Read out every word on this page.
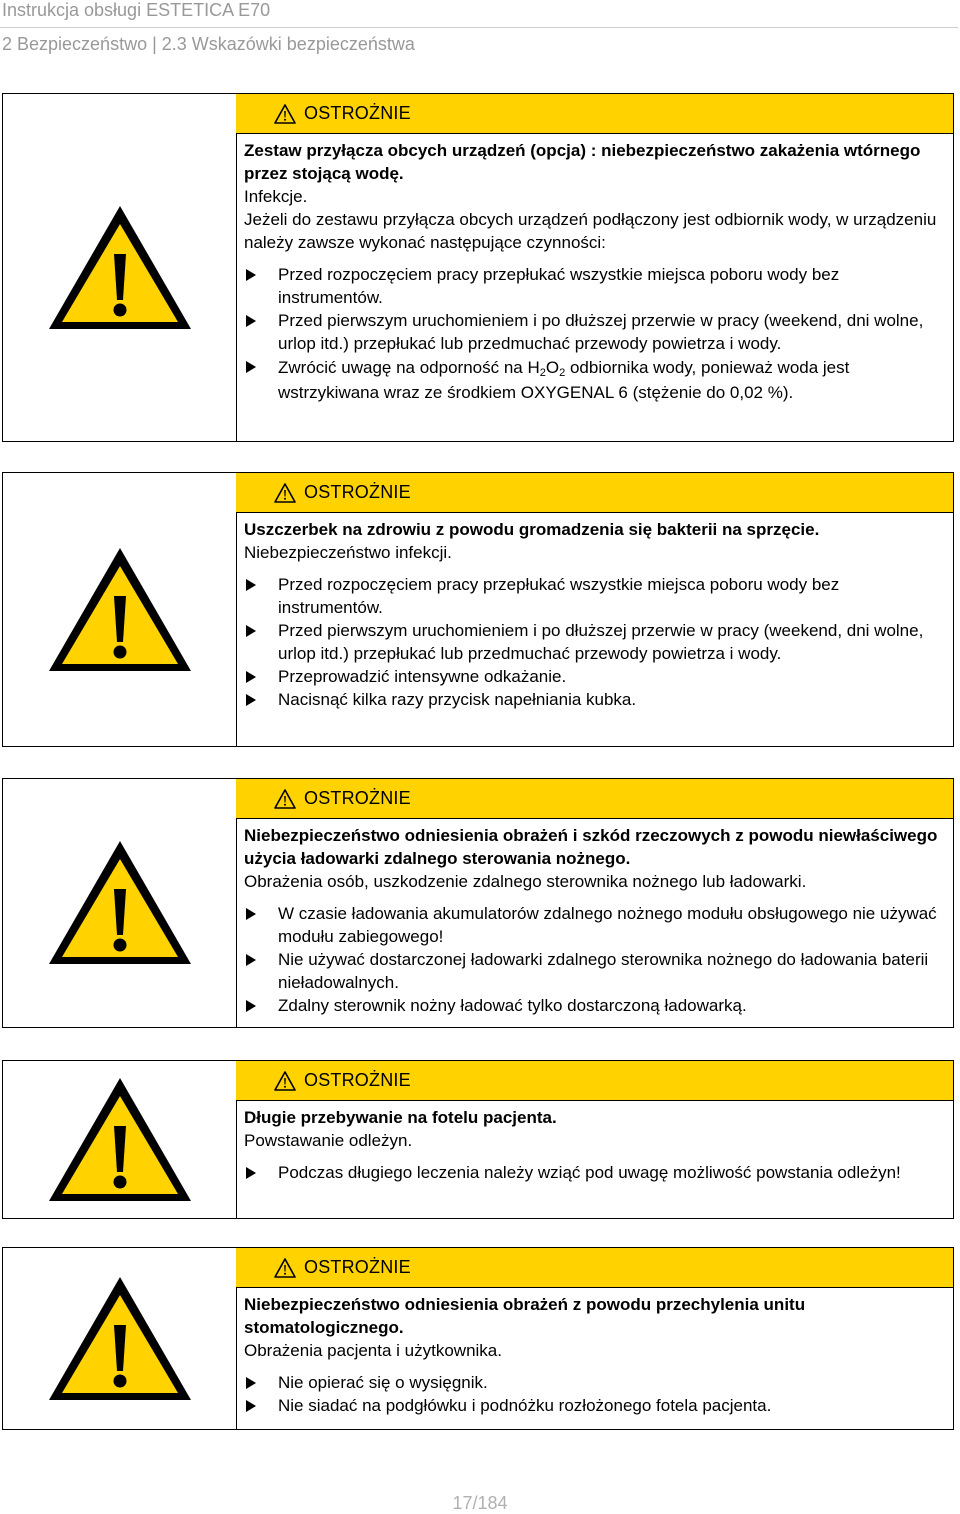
Instrukcja obsługi ESTETICA E70
2 Bezpieczeństwo | 2.3 Wskazówki bezpieczeństwa
OSTROŻNIE

Zestaw przyłącza obcych urządzeń (opcja) : niebezpieczeństwo zakażenia wtórnego przez stojącą wodę.

Infekcje.

Jeżeli do zestawu przyłącza obcych urządzeń podłączony jest odbiornik wody, w urządzeniu należy zawsze wykonać następujące czynności:

Przed rozpoczęciem pracy przepłukać wszystkie miejsca poboru wody bez instrumentów.
Przed pierwszym uruchomieniem i po dłuższej przerwie w pracy (weekend, dni wolne, urlop itd.) przepłukać lub przedmuchać przewody powietrza i wody.
Zwrócić uwagę na odporność na $H_2O_2$ odbiornika wody, ponieważ woda jest wstrzykiwana wraz ze środkiem OXYGENAL 6 (stężenie do 0,02 %).
OSTROŻNIE

Uszczerbek na zdrowiu z powodu gromadzenia się bakterii na sprzęcie.

Niebezpieczeństwo infekcji.

Przed rozpoczęciem pracy przepłukać wszystkie miejsca poboru wody bez instrumentów.
Przed pierwszym uruchomieniem i po dłuższej przerwie w pracy (weekend, dni wolne, urlop itd.) przepłukać lub przedmuchać przewody powietrza i wody.
Przeprowadzić intensywne odkażanie.
Nacisnąć kilka razy przycisk napełniania kubka.
OSTROŻNIE

Niebezpieczeństwo odniesienia obrażeń i szkód rzeczowych z powodu niewłaściwego użycia ładowarki zdalnego sterowania nożnego.

Obrażenia osób, uszkodzenie zdalnego sterownika nożnego lub ładowarki.

W czasie ładowania akumulatorów zdalnego nożnego modułu obsługowego nie używać modułu zabiegowego!
Nie używać dostarczonej ładowarki zdalnego sterownika nożnego do ładowania baterii nieładowalnych.
Zdalny sterownik nożny ładować tylko dostarczoną ładowarką.
OSTROŻNIE

Długie przebywanie na fotelu pacjenta.

Powstawanie odleżyn.

Podczas długiego leczenia należy wziąć pod uwagę możliwość powstania odleżyn!
OSTROŻNIE

Niebezpieczeństwo odniesienia obrażeń z powodu przechylenia unitu stomatologicznego.

Obrażenia pacjenta i użytkownika.

Nie opierać się o wysięgnik.
Nie siadać na podgłówku i podnóżku rozłożonego fotela pacjenta.
17/184
